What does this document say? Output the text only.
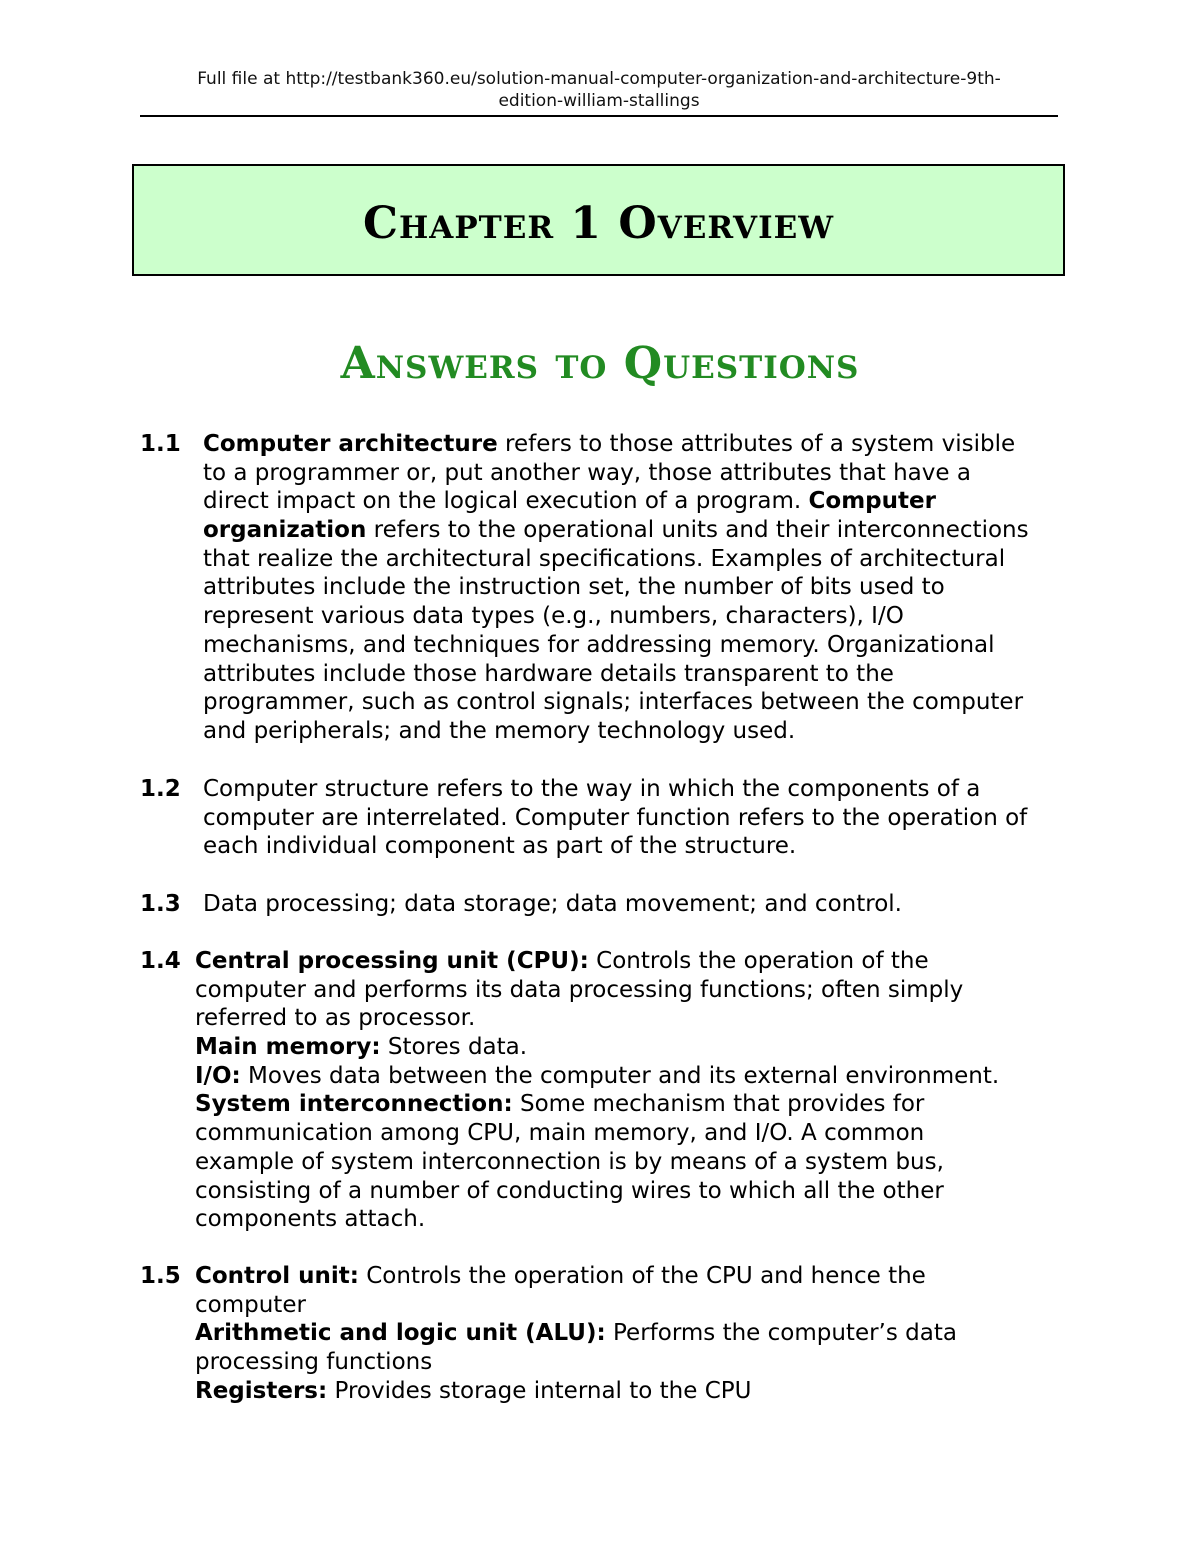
Full file at http://testbank360.eu/solution-manual-computer-organization-and-architecture-9th-
edition-william-stallings
Chapter 1 Overview
Answers to Questions
1.1 Computer architecture refers to those attributes of a system visible
to a programmer or, put another way, those attributes that have a
direct impact on the logical execution of a program. Computer
organization refers to the operational units and their interconnections
that realize the architectural specifications. Examples of architectural
attributes include the instruction set, the number of bits used to
represent various data types (e.g., numbers, characters), I/O
mechanisms, and techniques for addressing memory. Organizational
attributes include those hardware details transparent to the
programmer, such as control signals; interfaces between the computer
and peripherals; and the memory technology used.
1.2 Computer structure refers to the way in which the components of a
computer are interrelated. Computer function refers to the operation of
each individual component as part of the structure.
1.3 Data processing; data storage; data movement; and control.
1.4 Central processing unit (CPU): Controls the operation of the
computer and performs its data processing functions; often simply
referred to as processor.
Main memory: Stores data.
I/O: Moves data between the computer and its external environment.
System interconnection: Some mechanism that provides for
communication among CPU, main memory, and I/O. A common
example of system interconnection is by means of a system bus,
consisting of a number of conducting wires to which all the other
components attach.
1.5 Control unit: Controls the operation of the CPU and hence the
computer
Arithmetic and logic unit (ALU): Performs the computer’s data
processing functions
Registers: Provides storage internal to the CPU
